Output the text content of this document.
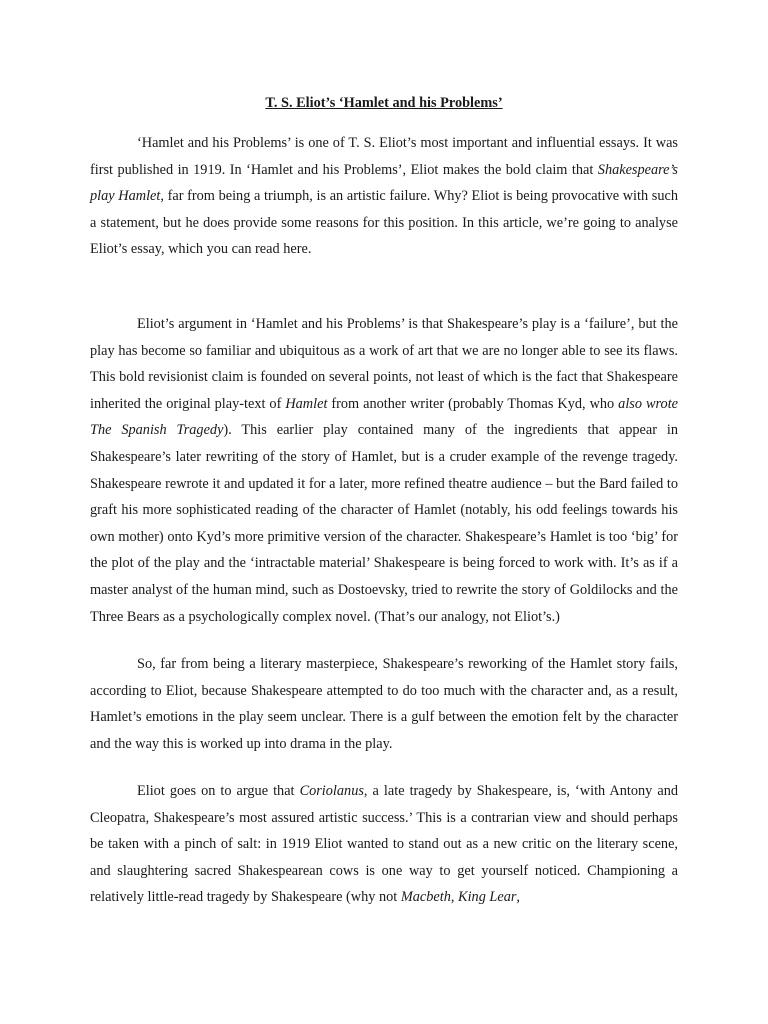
T. S. Eliot’s ‘Hamlet and his Problems’

‘Hamlet and his Problems’ is one of T. S. Eliot’s most important and influential essays. It was first published in 1919. In ‘Hamlet and his Problems’, Eliot makes the bold claim that Shakespeare’s play Hamlet, far from being a triumph, is an artistic failure. Why? Eliot is being provocative with such a statement, but he does provide some reasons for this position. In this article, we’re going to analyse Eliot’s essay, which you can read here.

Eliot’s argument in ‘Hamlet and his Problems’ is that Shakespeare’s play is a ‘failure’, but the play has become so familiar and ubiquitous as a work of art that we are no longer able to see its flaws. This bold revisionist claim is founded on several points, not least of which is the fact that Shakespeare inherited the original play-text of Hamlet from another writer (probably Thomas Kyd, who also wrote The Spanish Tragedy). This earlier play contained many of the ingredients that appear in Shakespeare’s later rewriting of the story of Hamlet, but is a cruder example of the revenge tragedy. Shakespeare rewrote it and updated it for a later, more refined theatre audience – but the Bard failed to graft his more sophisticated reading of the character of Hamlet (notably, his odd feelings towards his own mother) onto Kyd’s more primitive version of the character. Shakespeare’s Hamlet is too ‘big’ for the plot of the play and the ‘intractable material’ Shakespeare is being forced to work with. It’s as if a master analyst of the human mind, such as Dostoevsky, tried to rewrite the story of Goldilocks and the Three Bears as a psychologically complex novel. (That’s our analogy, not Eliot’s.)

So, far from being a literary masterpiece, Shakespeare’s reworking of the Hamlet story fails, according to Eliot, because Shakespeare attempted to do too much with the character and, as a result, Hamlet’s emotions in the play seem unclear. There is a gulf between the emotion felt by the character and the way this is worked up into drama in the play.

Eliot goes on to argue that Coriolanus, a late tragedy by Shakespeare, is, ‘with Antony and Cleopatra, Shakespeare’s most assured artistic success.’ This is a contrarian view and should perhaps be taken with a pinch of salt: in 1919 Eliot wanted to stand out as a new critic on the literary scene, and slaughtering sacred Shakespearean cows is one way to get yourself noticed. Championing a relatively little-read tragedy by Shakespeare (why not Macbeth, King Lear,
